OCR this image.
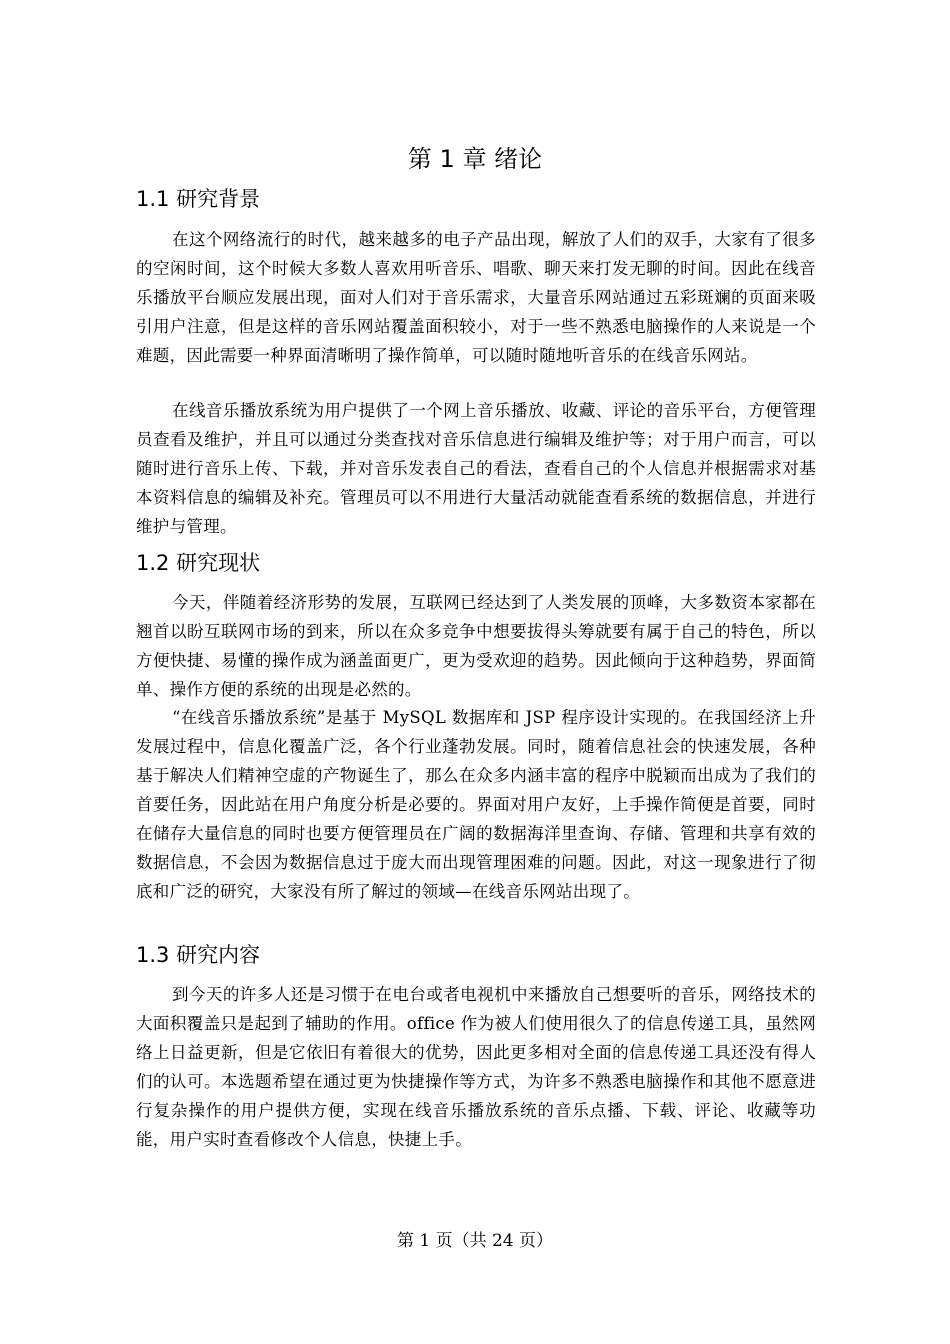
第 1 章 绪论
1.1 研究背景

在这个网络流行的时代，越来越多的电子产品出现，解放了人们的双手，大家有了很多的空闲时间，这个时候大多数人喜欢用听音乐、唱歌、聊天来打发无聊的时间。因此在线音乐播放平台顺应发展出现，面对人们对于音乐需求，大量音乐网站通过五彩斑斓的页面来吸引用户注意，但是这样的音乐网站覆盖面积较小，对于一些不熟悉电脑操作的人来说是一个难题，因此需要一种界面清晰明了操作简单，可以随时随地听音乐的在线音乐网站。

在线音乐播放系统为用户提供了一个网上音乐播放、收藏、评论的音乐平台，方便管理员查看及维护，并且可以通过分类查找对音乐信息进行编辑及维护等；对于用户而言，可以随时进行音乐上传、下载，并对音乐发表自己的看法，查看自己的个人信息并根据需求对基本资料信息的编辑及补充。管理员可以不用进行大量活动就能查看系统的数据信息，并进行维护与管理。

1.2 研究现状

今天，伴随着经济形势的发展，互联网已经达到了人类发展的顶峰，大多数资本家都在翘首以盼互联网市场的到来，所以在众多竞争中想要拔得头筹就要有属于自己的特色，所以方便快捷、易懂的操作成为涵盖面更广，更为受欢迎的趋势。因此倾向于这种趋势，界面简单、操作方便的系统的出现是必然的。

“在线音乐播放系统”是基于 MySQL 数据库和 JSP 程序设计实现的。在我国经济上升发展过程中，信息化覆盖广泛，各个行业蓬勃发展。同时，随着信息社会的快速发展，各种基于解决人们精神空虚的产物诞生了，那么在众多内涵丰富的程序中脱颖而出成为了我们的首要任务，因此站在用户角度分析是必要的。界面对用户友好，上手操作简便是首要，同时在储存大量信息的同时也要方便管理员在广阔的数据海洋里查询、存储、管理和共享有效的数据信息，不会因为数据信息过于庞大而出现管理困难的问题。因此，对这一现象进行了彻底和广泛的研究，大家没有所了解过的领域—在线音乐网站出现了。

1.3 研究内容

到今天的许多人还是习惯于在电台或者电视机中来播放自己想要听的音乐，网络技术的大面积覆盖只是起到了辅助的作用。office 作为被人们使用很久了的信息传递工具，虽然网络上日益更新，但是它依旧有着很大的优势，因此更多相对全面的信息传递工具还没有得人们的认可。本选题希望在通过更为快捷操作等方式，为许多不熟悉电脑操作和其他不愿意进行复杂操作的用户提供方便，实现在线音乐播放系统的音乐点播、下载、评论、收藏等功能，用户实时查看修改个人信息，快捷上手。

第 1 页（共 24 页）
